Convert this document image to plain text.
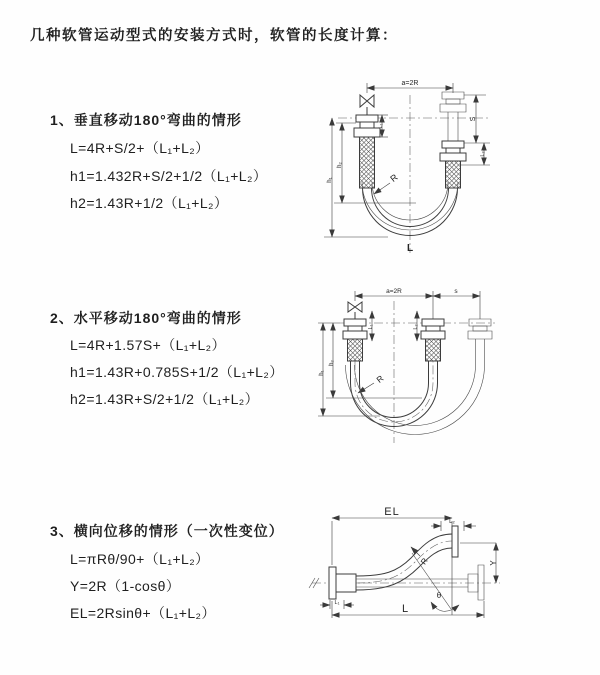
几种软管运动型式的安装方式时，软管的长度计算：
1、垂直移动180°弯曲的情形
L=4R+S/2+（L₁+L₂）
h1=1.432R+S/2+1/2（L₁+L₂）
h2=1.43R+1/2（L₁+L₂）
2、水平移动180°弯曲的情形
L=4R+1.57S+（L₁+L₂）
h1=1.43R+0.785S+1/2（L₁+L₂）
h2=1.43R+S/2+1/2（L₁+L₂）
3、横向位移的情形（一次性变位）
L=πRθ/90+（L₁+L₂）
Y=2R（1-cosθ）
EL=2Rsinθ+（L₁+L₂）
a=2R
S
L₂
h₁
h₂
L₁
R
L
a=2R	s
L₁	L₂
h₁
h₂
R
EL
L₂
Y
L
L₁
R
θ
